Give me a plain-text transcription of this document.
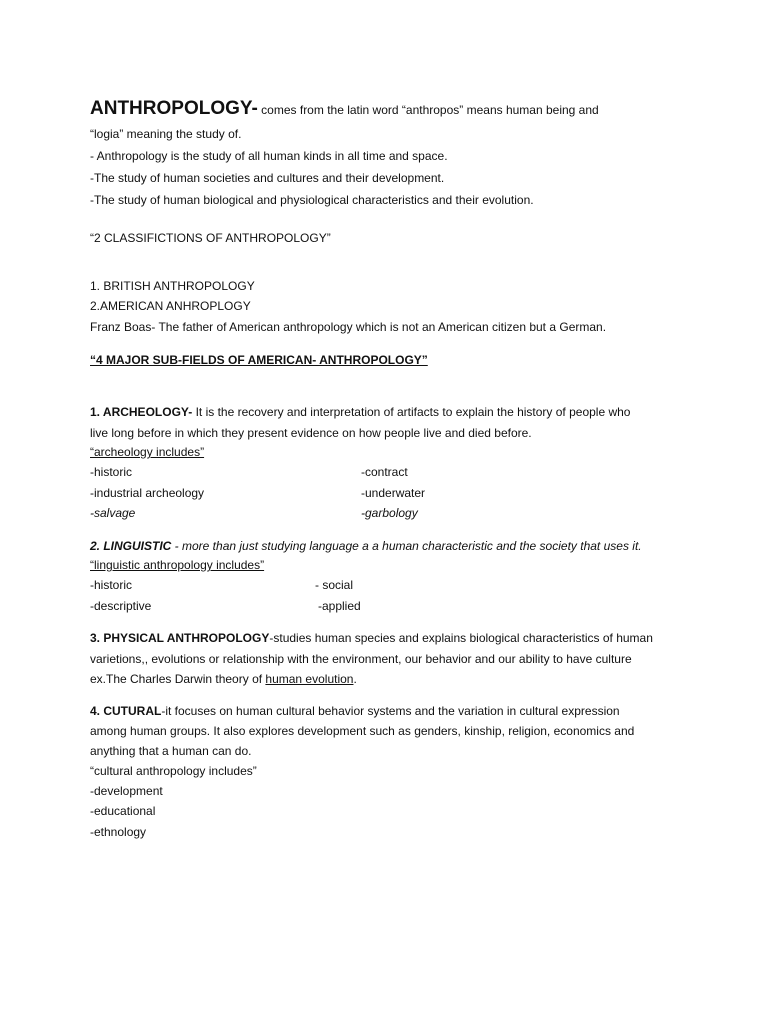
ANTHROPOLOGY- comes from the latin word “anthropos” means human being and

“logia” meaning the study of.

- Anthropology is the study of all human kinds in all time and space.

-The study of human societies and cultures and their development.

-The study of human biological and physiological characteristics and their evolution.

“2 CLASSIFICTIONS OF ANTHROPOLOGY”

1. BRITISH ANTHROPOLOGY

2.AMERICAN ANHROPLOGY

Franz Boas- The father of American anthropology which is not an American citizen but a German.

“4 MAJOR SUB-FIELDS OF AMERICAN- ANTHROPOLOGY”

1. ARCHEOLOGY- It is the recovery and interpretation of artifacts to explain the history of people who

live long before in which they present evidence on how people live and died before.

“archeology includes”

-historic	-contract

-industrial archeology	-underwater

-salvage	-garbology

2. LINGUISTIC - more than just studying language a a human characteristic and the society that uses it.

“linguistic anthropology includes”

-historic	- social

-descriptive	-applied

3. PHYSICAL ANTHROPOLOGY-studies human species and explains biological characteristics of human

varietions,, evolutions or relationship with the environment, our behavior and our ability to have culture

ex.The Charles Darwin theory of human evolution.

4. CUTURAL-it focuses on human cultural behavior systems and the variation in cultural expression

among human groups. It also explores development such as genders, kinship, religion, economics and

anything that a human can do.

“cultural anthropology includes”

-development

-educational

-ethnology
